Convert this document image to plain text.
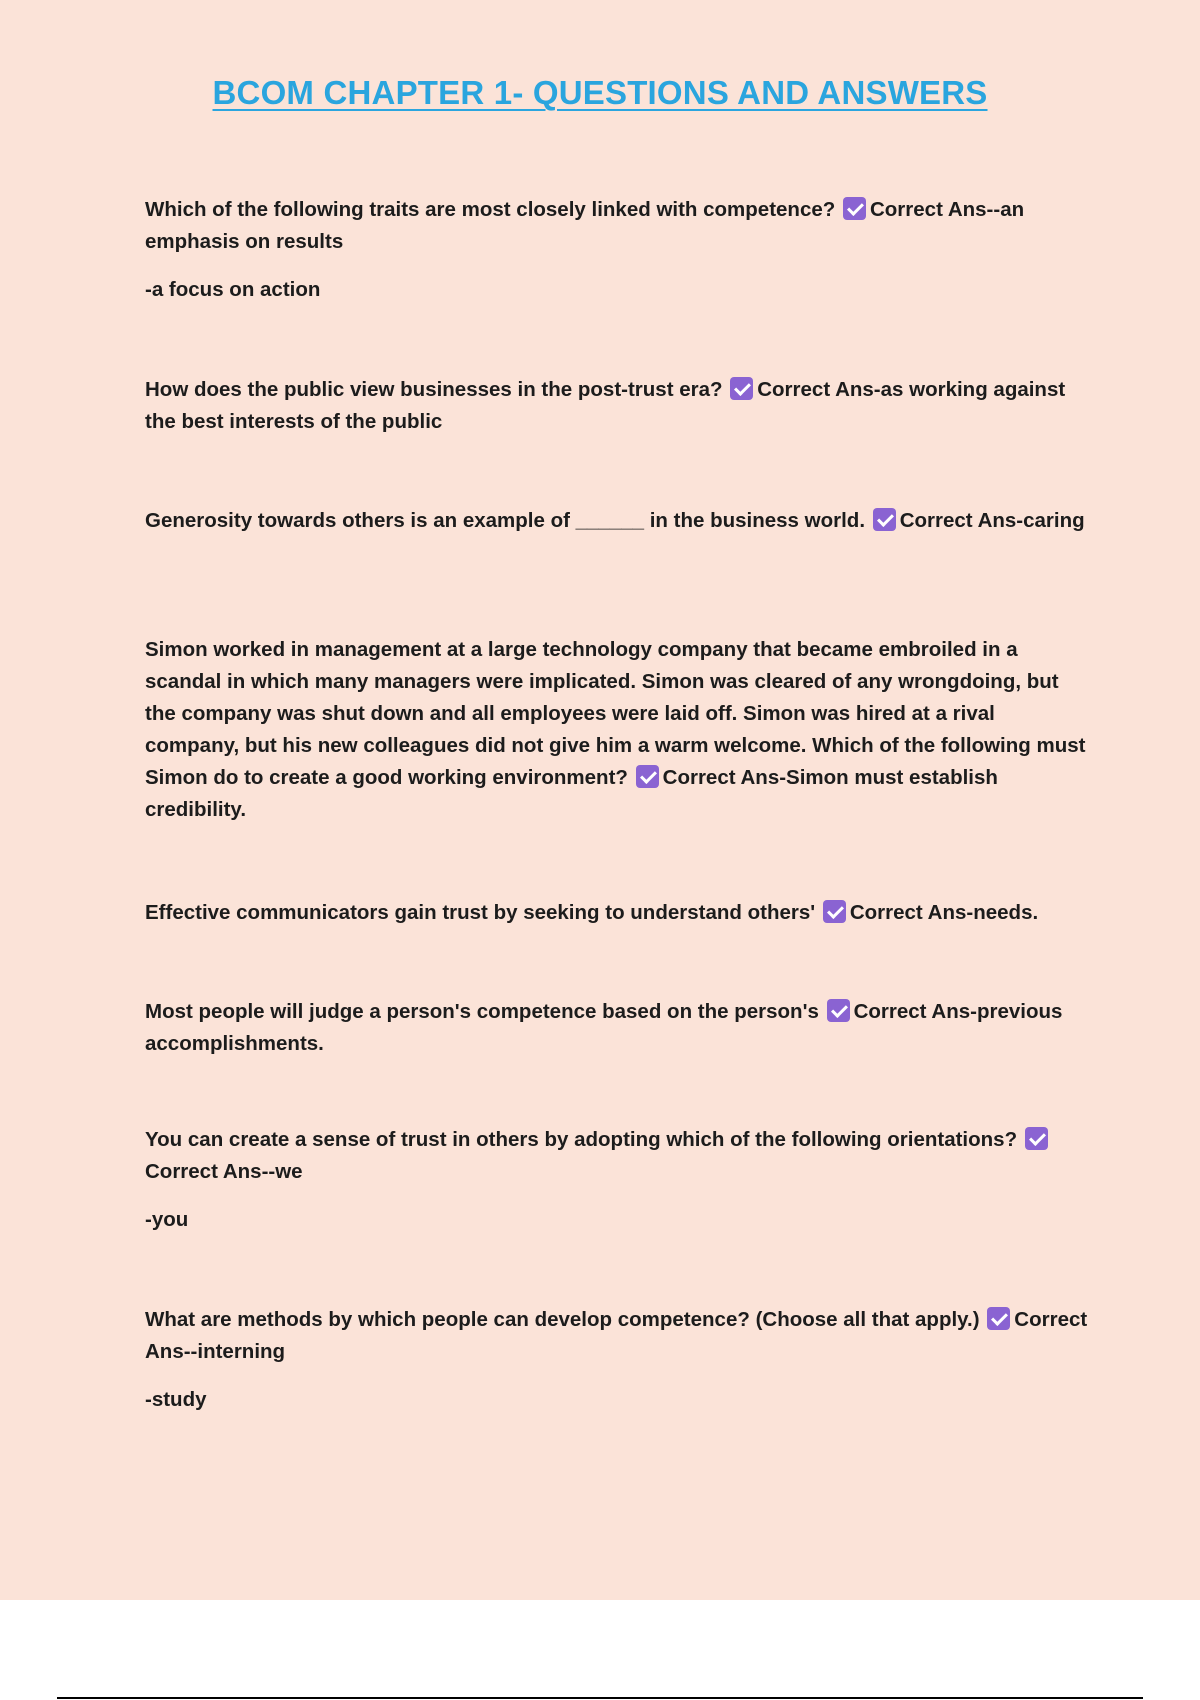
BCOM CHAPTER 1- QUESTIONS AND ANSWERS

Which of the following traits are most closely linked with competence? Correct Ans--an emphasis on results

-a focus on action

How does the public view businesses in the post-trust era? Correct Ans-as working against the best interests of the public

Generosity towards others is an example of ______ in the business world. Correct Ans-caring

Simon worked in management at a large technology company that became embroiled in a scandal in which many managers were implicated. Simon was cleared of any wrongdoing, but the company was shut down and all employees were laid off. Simon was hired at a rival company, but his new colleagues did not give him a warm welcome. Which of the following must Simon do to create a good working environment? Correct Ans-Simon must establish credibility.

Effective communicators gain trust by seeking to understand others' Correct Ans-needs.

Most people will judge a person's competence based on the person's Correct Ans-previous accomplishments.

You can create a sense of trust in others by adopting which of the following orientations? Correct Ans--we

-you

What are methods by which people can develop competence? (Choose all that apply.) Correct Ans--interning

-study
